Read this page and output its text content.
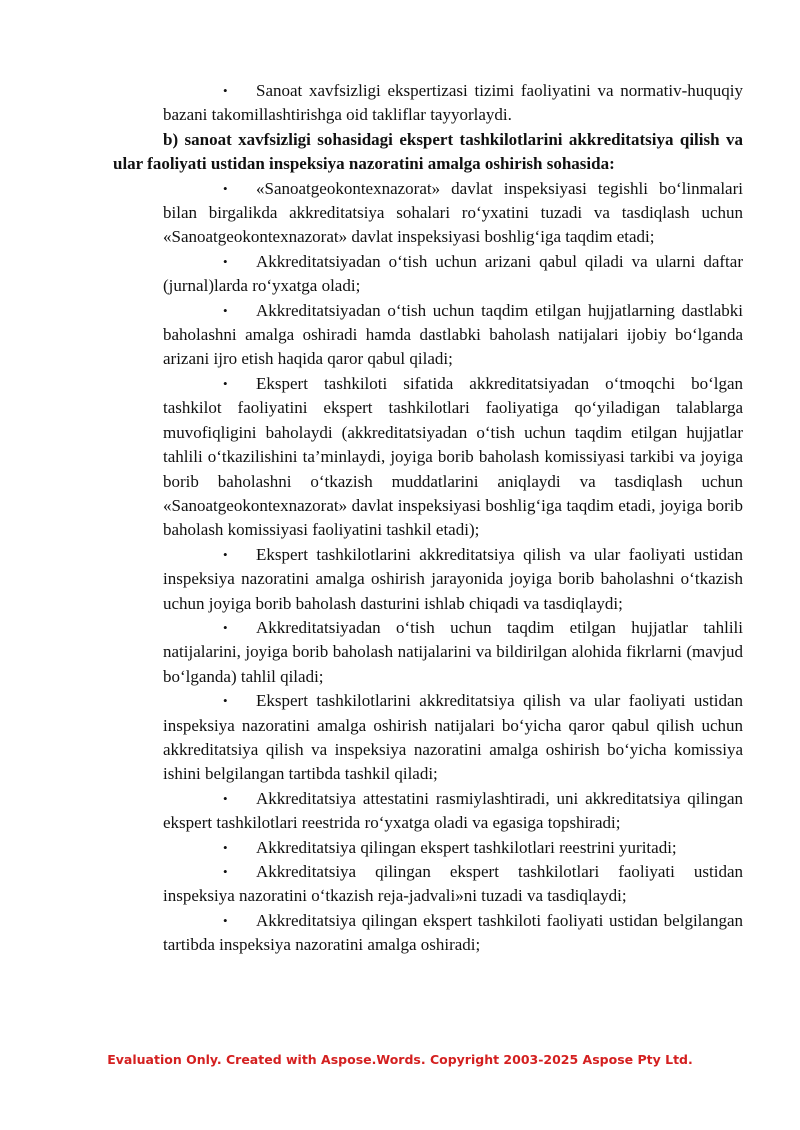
• Sanoat xavfsizligi ekspertizasi tizimi faoliyatini va normativ-huquqiy bazani takomillashtirishga oid takliflar tayyorlaydi.

b) sanoat xavfsizligi sohasidagi ekspert tashkilotlarini akkreditatsiya qilish va ular faoliyati ustidan inspeksiya nazoratini amalga oshirish sohasida:

• «Sanoatgeokontexnazorat» davlat inspeksiyasi tegishli bo‘linmalari bilan birgalikda akkreditatsiya sohalari ro‘yxatini tuzadi va tasdiqlash uchun «Sanoatgeokontexnazorat» davlat inspeksiyasi boshlig‘iga taqdim etadi;

• Akkreditatsiyadan o‘tish uchun arizani qabul qiladi va ularni daftar (jurnal)larda ro‘yxatga oladi;

• Akkreditatsiyadan o‘tish uchun taqdim etilgan hujjatlarning dastlabki baholashni amalga oshiradi hamda dastlabki baholash natijalari ijobiy bo‘lganda arizani ijro etish haqida qaror qabul qiladi;

• Ekspert tashkiloti sifatida akkreditatsiyadan o‘tmoqchi bo‘lgan tashkilot faoliyatini ekspert tashkilotlari faoliyatiga qo‘yiladigan talablarga muvofiqligini baholaydi (akkreditatsiyadan o‘tish uchun taqdim etilgan hujjatlar tahlili o‘tkazilishini ta’minlaydi, joyiga borib baholash komissiyasi tarkibi va joyiga borib baholashni o‘tkazish muddatlarini aniqlaydi va tasdiqlash uchun «Sanoatgeokontexnazorat» davlat inspeksiyasi boshlig‘iga taqdim etadi, joyiga borib baholash komissiyasi faoliyatini tashkil etadi);

• Ekspert tashkilotlarini akkreditatsiya qilish va ular faoliyati ustidan inspeksiya nazoratini amalga oshirish jarayonida joyiga borib baholashni o‘tkazish uchun joyiga borib baholash dasturini ishlab chiqadi va tasdiqlaydi;

• Akkreditatsiyadan o‘tish uchun taqdim etilgan hujjatlar tahlili natijalarini, joyiga borib baholash natijalarini va bildirilgan alohida fikrlarni (mavjud bo‘lganda) tahlil qiladi;

• Ekspert tashkilotlarini akkreditatsiya qilish va ular faoliyati ustidan inspeksiya nazoratini amalga oshirish natijalari bo‘yicha qaror qabul qilish uchun akkreditatsiya qilish va inspeksiya nazoratini amalga oshirish bo‘yicha komissiya ishini belgilangan tartibda tashkil qiladi;

• Akkreditatsiya attestatini rasmiylashtiradi, uni akkreditatsiya qilingan ekspert tashkilotlari reestrida ro‘yxatga oladi va egasiga topshiradi;

• Akkreditatsiya qilingan ekspert tashkilotlari reestrini yuritadi;

• Akkreditatsiya qilingan ekspert tashkilotlari faoliyati ustidan inspeksiya nazoratini o‘tkazish reja-jadvali»ni tuzadi va tasdiqlaydi;

• Akkreditatsiya qilingan ekspert tashkiloti faoliyati ustidan belgilangan tartibda inspeksiya nazoratini amalga oshiradi;

Evaluation Only. Created with Aspose.Words. Copyright 2003-2025 Aspose Pty Ltd.
